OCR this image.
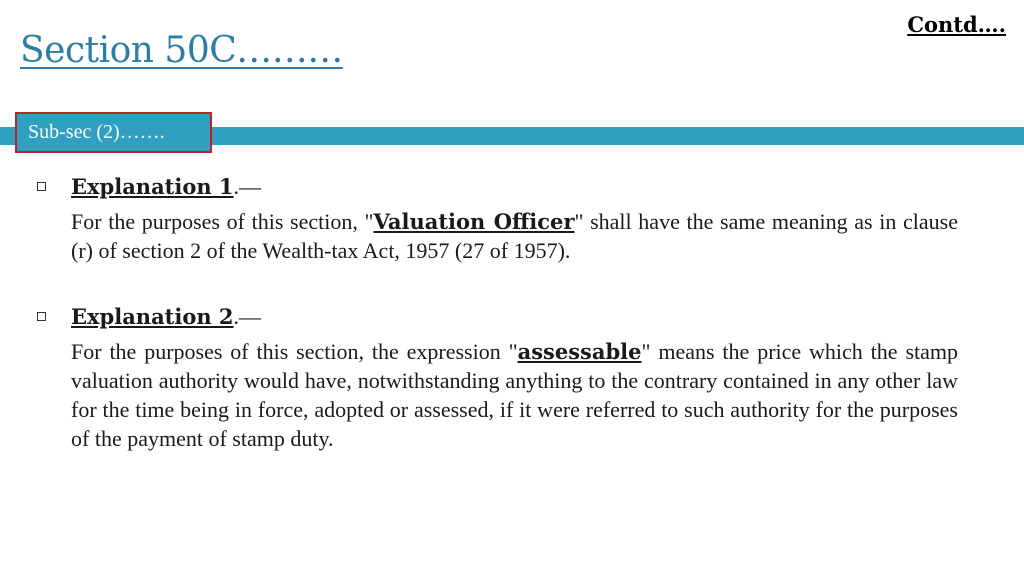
Contd….
Section 50C………
Sub-sec (2)…….
Explanation 1.—
For the purposes of this section, "Valuation Officer" shall have the same meaning as in clause (r) of section 2 of the Wealth-tax Act, 1957 (27 of 1957).
Explanation 2.—
For the purposes of this section, the expression "assessable" means the price which the stamp valuation authority would have, notwithstanding anything to the contrary contained in any other law for the time being in force, adopted or assessed, if it were referred to such authority for the purposes of the payment of stamp duty.
